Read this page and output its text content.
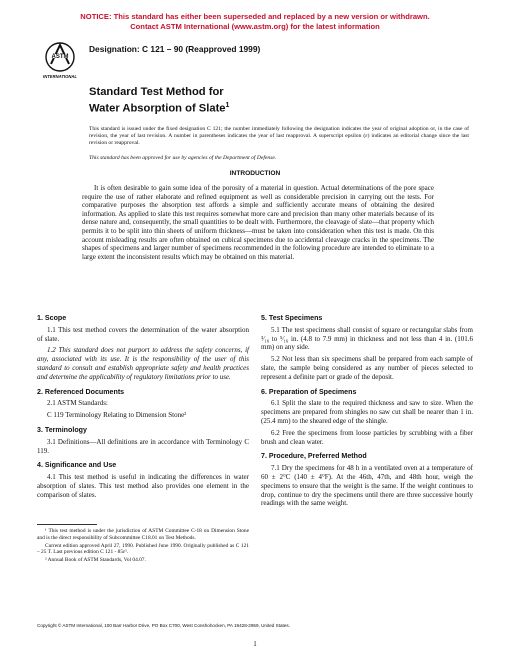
NOTICE: This standard has either been superseded and replaced by a new version or withdrawn.
Contact ASTM International (www.astm.org) for the latest information
ASTM
INTERNATIONAL
Designation: C 121 – 90 (Reapproved 1999)
Standard Test Method for
Water Absorption of Slate$^1$
This standard is issued under the fixed designation C 121; the number immediately following the designation indicates the year of original adoption or, in the case of revision, the year of last revision. A number in parentheses indicates the year of last reapproval. A superscript epsilon (ε) indicates an editorial change since the last revision or reapproval.
This standard has been approved for use by agencies of the Department of Defense.
INTRODUCTION
It is often desirable to gain some idea of the porosity of a material in question. Actual determinations of the pore space require the use of rather elaborate and refined equipment as well as considerable precision in carrying out the tests. For comparative purposes the absorption test affords a simple and sufficiently accurate means of obtaining the desired information. As applied to slate this test requires somewhat more care and precision than many other materials because of its dense nature and, consequently, the small quantities to be dealt with. Furthermore, the cleavage of slate—that property which permits it to be split into thin sheets of uniform thickness—must be taken into consideration when this test is made. On this account misleading results are often obtained on cubical specimens due to accidental cleavage cracks in the specimens. The shapes of specimens and larger number of specimens recommended in the following procedure are intended to eliminate to a large extent the inconsistent results which may be obtained on this material.
1. Scope

1.1 This test method covers the determination of the water absorption of slate.

1.2 This standard does not purport to address the safety concerns, if any, associated with its use. It is the responsibility of the user of this standard to consult and establish appropriate safety and health practices and determine the applicability of regulatory limitations prior to use.

2. Referenced Documents

2.1 ASTM Standards:

C 119 Terminology Relating to Dimension Stone²
3. Terminology

3.1 Definitions—All definitions are in accordance with Terminology C 119.

4. Significance and Use

4.1 This test method is useful in indicating the differences in water absorption of slates. This test method also provides one element in the comparison of slates.

5. Test Specimens

5.1 The test specimens shall consist of square or rectangular slabs from ³⁄₁₆ to ⁵⁄₁₆ in. (4.8 to 7.9 mm) in thickness and not less than 4 in. (101.6 mm) on any side.

5.2 Not less than six specimens shall be prepared from each sample of slate, the sample being considered as any number of pieces selected to represent a definite part or grade of the deposit.

6. Preparation of Specimens

6.1 Split the slate to the required thickness and saw to size. When the specimens are prepared from shingles no saw cut shall be nearer than 1 in. (25.4 mm) to the sheared edge of the shingle.

6.2 Free the specimens from loose particles by scrubbing with a fiber brush and clean water.

7. Procedure, Preferred Method

7.1 Dry the specimens for 48 h in a ventilated oven at a temperature of 60 ± 2°C (140 ± 4°F). At the 46th, 47th, and 48th hour, weigh the specimens to ensure that the weight is the same. If the weight continues to drop, continue to dry the specimens until there are three successive hourly readings with the same weight.

¹ This test method is under the jurisdiction of ASTM Committee C-18 on Dimension Stone and is the direct responsibility of Subcommittee C18.01 on Test Methods.

Current edition approved April 27, 1990. Published June 1990. Originally published as C 121 – 25 T. Last previous edition C 121 - 85ε¹.

² Annual Book of ASTM Standards, Vol 04.07.

Copyright © ASTM International, 100 Barr Harbor Drive, PO Box C700, West Conshohocken, PA 19428-2959, United States.
1
